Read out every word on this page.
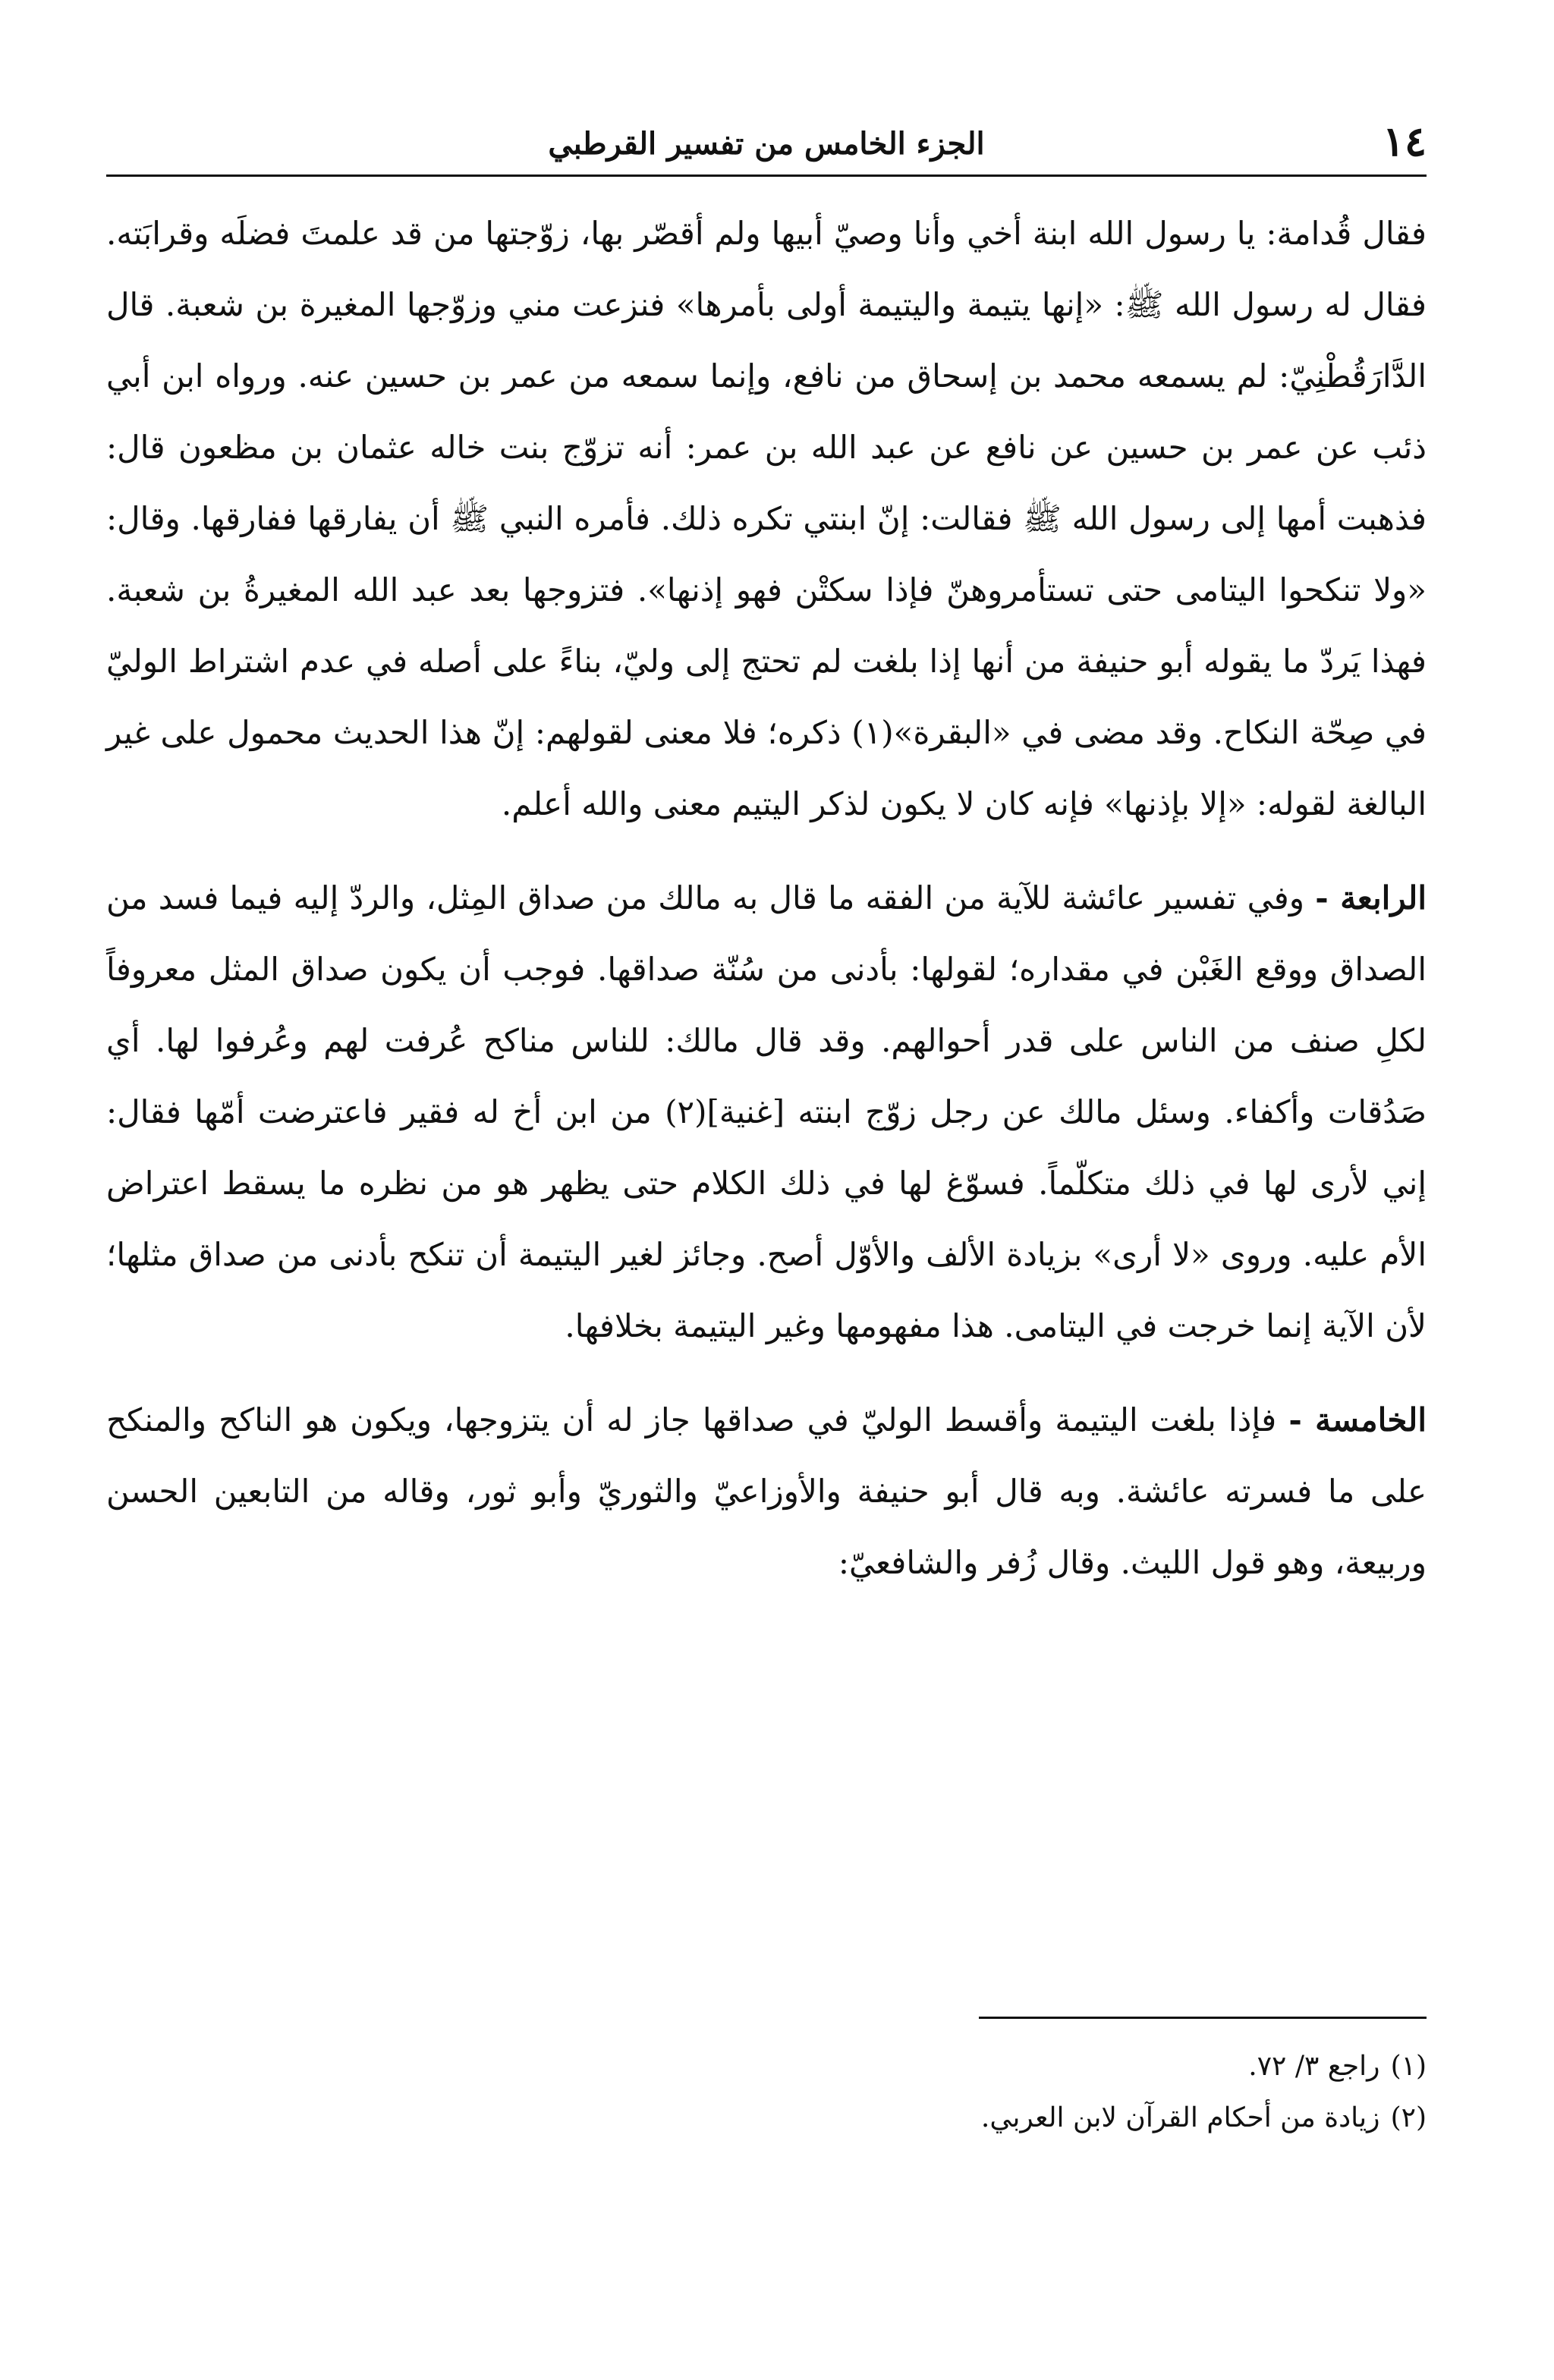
١٤
الجزء الخامس من تفسير القرطبي

فقال قُدامة: يا رسول الله ابنة أخي وأنا وصيّ أبيها ولم أقصّر بها، زوّجتها من قد علمتَ فضلَه وقرابَته. فقال له رسول الله ﷺ: «إنها يتيمة واليتيمة أولى بأمرها» فنزعت مني وزوّجها المغيرة بن شعبة. قال الدَّارَقُطْنِيّ: لم يسمعه محمد بن إسحاق من نافع، وإنما سمعه من عمر بن حسين عنه. ورواه ابن أبي ذئب عن عمر بن حسين عن نافع عن عبد الله بن عمر: أنه تزوّج بنت خاله عثمان بن مظعون قال: فذهبت أمها إلى رسول الله ﷺ فقالت: إنّ ابنتي تكره ذلك. فأمره النبي ﷺ أن يفارقها ففارقها. وقال: «ولا تنكحوا اليتامى حتى تستأمروهنّ فإذا سكتْن فهو إذنها». فتزوجها بعد عبد الله المغيرةُ بن شعبة. فهذا يَردّ ما يقوله أبو حنيفة من أنها إذا بلغت لم تحتج إلى وليّ، بناءً على أصله في عدم اشتراط الوليّ في صِحّة النكاح. وقد مضى في «البقرة»(١) ذكره؛ فلا معنى لقولهم: إنّ هذا الحديث محمول على غير البالغة لقوله: «إلا بإذنها» فإنه كان لا يكون لذكر اليتيم معنى والله أعلم.

الرابعة - وفي تفسير عائشة للآية من الفقه ما قال به مالك من صداق المِثل، والردّ إليه فيما فسد من الصداق ووقع الغَبْن في مقداره؛ لقولها: بأدنى من سُنّة صداقها. فوجب أن يكون صداق المثل معروفاً لكلِ صنف من الناس على قدر أحوالهم. وقد قال مالك: للناس مناكح عُرفت لهم وعُرفوا لها. أي صَدُقات وأكفاء. وسئل مالك عن رجل زوّج ابنته [غنية](٢) من ابن أخ له فقير فاعترضت أمّها فقال: إني لأرى لها في ذلك متكلّماً. فسوّغ لها في ذلك الكلام حتى يظهر هو من نظره ما يسقط اعتراض الأم عليه. وروى «لا أرى» بزيادة الألف والأوّل أصح. وجائز لغير اليتيمة أن تنكح بأدنى من صداق مثلها؛ لأن الآية إنما خرجت في اليتامى. هذا مفهومها وغير اليتيمة بخلافها.

الخامسة - فإذا بلغت اليتيمة وأقسط الوليّ في صداقها جاز له أن يتزوجها، ويكون هو الناكح والمنكح على ما فسرته عائشة. وبه قال أبو حنيفة والأوزاعيّ والثوريّ وأبو ثور، وقاله من التابعين الحسن وربيعة، وهو قول الليث. وقال زُفر والشافعيّ:

(١)راجع ٣/ ٧٢.
(٢)زيادة من أحكام القرآن لابن العربي.
